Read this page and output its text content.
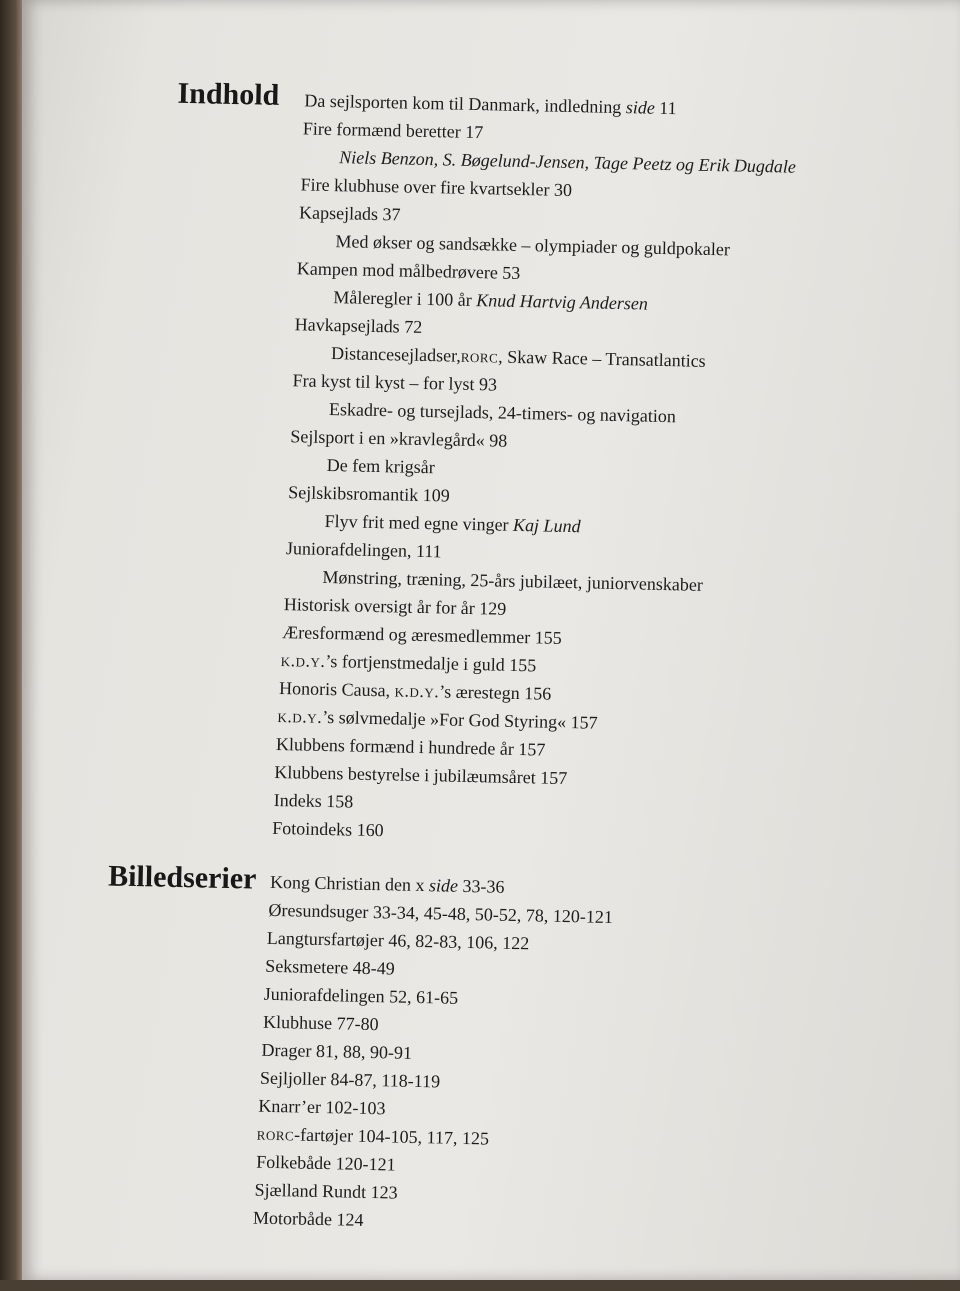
Indhold Da sejlsporten kom til Danmark, indledning side 11

Fire formænd beretter 17

Niels Benzon, S. Bøgelund-Jensen, Tage Peetz og Erik Dugdale

Fire klubhuse over fire kvartsekler 30

Kapsejlads 37

Med økser og sandsække – olympiader og guldpokaler

Kampen mod målbedrøvere 53

Måleregler i 100 år Knud Hartvig Andersen

Havkapsejlads 72

Distancesejladser,rorc, Skaw Race – Transatlantics

Fra kyst til kyst – for lyst 93

Eskadre- og tursejlads, 24-timers- og navigation

Sejlsport i en »kravlegård« 98

De fem krigsår

Sejlskibsromantik 109

Flyv frit med egne vinger Kaj Lund

Juniorafdelingen, 111

Mønstring, træning, 25-års jubilæet, juniorvenskaber

Historisk oversigt år for år 129

Æresformænd og æresmedlemmer 155

k.d.y.’s fortjenstmedalje i guld 155

Honoris Causa, k.d.y.’s ærestegn 156

k.d.y.’s sølvmedalje »For God Styring« 157

Klubbens formænd i hundrede år 157

Klubbens bestyrelse i jubilæumsåret 157

Indeks 158

Fotoindeks 160

Billedserier Kong Christian den x side 33-36

Øresundsuger 33-34, 45-48, 50-52, 78, 120-121

Langtursfartøjer 46, 82-83, 106, 122

Seksmetere 48-49

Juniorafdelingen 52, 61-65

Klubhuse 77-80

Drager 81, 88, 90-91

Sejljoller 84-87, 118-119

Knarr’er 102-103

rorc-fartøjer 104-105, 117, 125

Folkebåde 120-121

Sjælland Rundt 123

Motorbåde 124
